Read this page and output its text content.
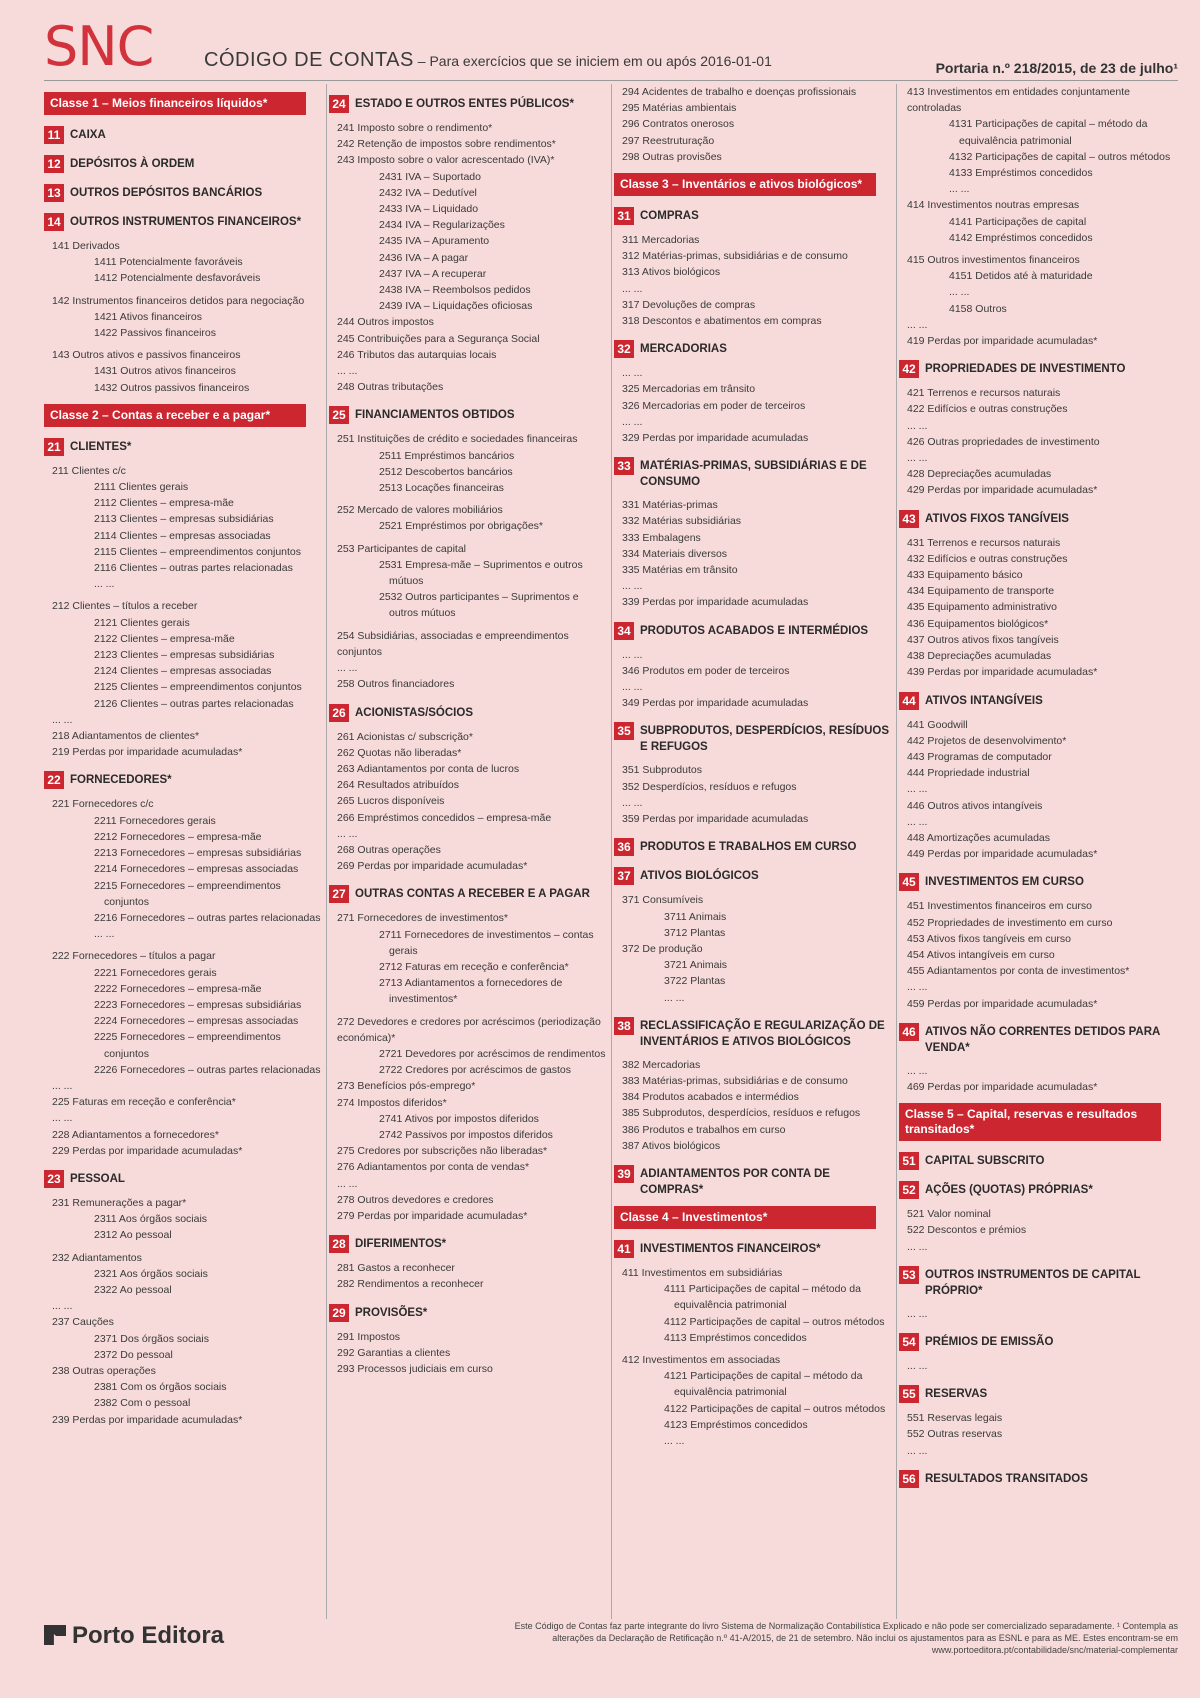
SNC	CÓDIGO DE CONTAS – Para exercícios que se iniciem em ou após 2016-01-01	Portaria n.º 218/2015, de 23 de julho¹
Classe 1 – Meios financeiros líquidos*
11 CAIXA
12 DEPÓSITOS À ORDEM
13 OUTROS DEPÓSITOS BANCÁRIOS
14 OUTROS INSTRUMENTOS FINANCEIROS*
141 Derivados
1411 Potencialmente favoráveis
1412 Potencialmente desfavoráveis
142 Instrumentos financeiros detidos para negociação
1421 Ativos financeiros
1422 Passivos financeiros
143 Outros ativos e passivos financeiros
1431 Outros ativos financeiros
1432 Outros passivos financeiros
Classe 2 – Contas a receber e a pagar*
21 CLIENTES*
211 Clientes c/c
2111 Clientes gerais
2112 Clientes – empresa-mãe
2113 Clientes – empresas subsidiárias
2114 Clientes – empresas associadas
2115 Clientes – empreendimentos conjuntos
2116 Clientes – outras partes relacionadas
... ...
212 Clientes – títulos a receber
2121 Clientes gerais
2122 Clientes – empresa-mãe
2123 Clientes – empresas subsidiárias
2124 Clientes – empresas associadas
2125 Clientes – empreendimentos conjuntos
2126 Clientes – outras partes relacionadas
... ...
218 Adiantamentos de clientes*
219 Perdas por imparidade acumuladas*
22 FORNECEDORES*
221 Fornecedores c/c
2211 Fornecedores gerais
2212 Fornecedores – empresa-mãe
2213 Fornecedores – empresas subsidiárias
2214 Fornecedores – empresas associadas
2215 Fornecedores – empreendimentos conjuntos
2216 Fornecedores – outras partes relacionadas
... ...
222 Fornecedores – títulos a pagar
2221 Fornecedores gerais
2222 Fornecedores – empresa-mãe
2223 Fornecedores – empresas subsidiárias
2224 Fornecedores – empresas associadas
2225 Fornecedores – empreendimentos conjuntos
2226 Fornecedores – outras partes relacionadas
... ...
225 Faturas em receção e conferência*
... ...
228 Adiantamentos a fornecedores*
229 Perdas por imparidade acumuladas*
23 PESSOAL
231 Remunerações a pagar*
2311 Aos órgãos sociais
2312 Ao pessoal
232 Adiantamentos
2321 Aos órgãos sociais
2322 Ao pessoal
... ...
237 Cauções
2371 Dos órgãos sociais
2372 Do pessoal
238 Outras operações
2381 Com os órgãos sociais
2382 Com o pessoal
239 Perdas por imparidade acumuladas*
24 ESTADO E OUTROS ENTES PÚBLICOS*
241 Imposto sobre o rendimento*
242 Retenção de impostos sobre rendimentos*
243 Imposto sobre o valor acrescentado (IVA)*
2431 IVA – Suportado
2432 IVA – Dedutível
2433 IVA – Liquidado
2434 IVA – Regularizações
2435 IVA – Apuramento
2436 IVA – A pagar
2437 IVA – A recuperar
2438 IVA – Reembolsos pedidos
2439 IVA – Liquidações oficiosas
244 Outros impostos
245 Contribuições para a Segurança Social
246 Tributos das autarquias locais
... ...
248 Outras tributações
25 FINANCIAMENTOS OBTIDOS
251 Instituições de crédito e sociedades financeiras
2511 Empréstimos bancários
2512 Descobertos bancários
2513 Locações financeiras
252 Mercado de valores mobiliários
2521 Empréstimos por obrigações*
253 Participantes de capital
2531 Empresa-mãe – Suprimentos e outros mútuos
2532 Outros participantes – Suprimentos e outros mútuos
254 Subsidiárias, associadas e empreendimentos conjuntos
... ...
258 Outros financiadores
26 ACIONISTAS/SÓCIOS
261 Acionistas c/ subscrição*
262 Quotas não liberadas*
263 Adiantamentos por conta de lucros
264 Resultados atribuídos
265 Lucros disponíveis
266 Empréstimos concedidos – empresa-mãe
... ...
268 Outras operações
269 Perdas por imparidade acumuladas*
27 OUTRAS CONTAS A RECEBER E A PAGAR
271 Fornecedores de investimentos*
2711 Fornecedores de investimentos – contas gerais
2712 Faturas em receção e conferência*
2713 Adiantamentos a fornecedores de investimentos*
272 Devedores e credores por acréscimos (periodização económica)*
2721 Devedores por acréscimos de rendimentos
2722 Credores por acréscimos de gastos
273 Benefícios pós-emprego*
274 Impostos diferidos*
2741 Ativos por impostos diferidos
2742 Passivos por impostos diferidos
275 Credores por subscrições não liberadas*
276 Adiantamentos por conta de vendas*
... ...
278 Outros devedores e credores
279 Perdas por imparidade acumuladas*
28 DIFERIMENTOS*
281 Gastos a reconhecer
282 Rendimentos a reconhecer
29 PROVISÕES*
291 Impostos
292 Garantias a clientes
293 Processos judiciais em curso
294 Acidentes de trabalho e doenças profissionais
295 Matérias ambientais
296 Contratos onerosos
297 Reestruturação
298 Outras provisões
Classe 3 – Inventários e ativos biológicos*
31 COMPRAS
311 Mercadorias
312 Matérias-primas, subsidiárias e de consumo
313 Ativos biológicos
... ...
317 Devoluções de compras
318 Descontos e abatimentos em compras
32 MERCADORIAS
... ...
325 Mercadorias em trânsito
326 Mercadorias em poder de terceiros
... ...
329 Perdas por imparidade acumuladas
33 MATÉRIAS-PRIMAS, SUBSIDIÁRIAS E DE CONSUMO
331 Matérias-primas
332 Matérias subsidiárias
333 Embalagens
334 Materiais diversos
335 Matérias em trânsito
... ...
339 Perdas por imparidade acumuladas
34 PRODUTOS ACABADOS E INTERMÉDIOS
... ...
346 Produtos em poder de terceiros
... ...
349 Perdas por imparidade acumuladas
35 SUBPRODUTOS, DESPERDÍCIOS, RESÍDUOS E REFUGOS
351 Subprodutos
352 Desperdícios, resíduos e refugos
... ...
359 Perdas por imparidade acumuladas
36 PRODUTOS E TRABALHOS EM CURSO
37 ATIVOS BIOLÓGICOS
371 Consumíveis
3711 Animais
3712 Plantas
372 De produção
3721 Animais
3722 Plantas
... ...
38 RECLASSIFICAÇÃO E REGULARIZAÇÃO DE INVENTÁRIOS E ATIVOS BIOLÓGICOS
382 Mercadorias
383 Matérias-primas, subsidiárias e de consumo
384 Produtos acabados e intermédios
385 Subprodutos, desperdícios, resíduos e refugos
386 Produtos e trabalhos em curso
387 Ativos biológicos
39 ADIANTAMENTOS POR CONTA DE COMPRAS*
Classe 4 – Investimentos*
41 INVESTIMENTOS FINANCEIROS*
411 Investimentos em subsidiárias
4111 Participações de capital – método da equivalência patrimonial
4112 Participações de capital – outros métodos
4113 Empréstimos concedidos
412 Investimentos em associadas
4121 Participações de capital – método da equivalência patrimonial
4122 Participações de capital – outros métodos
4123 Empréstimos concedidos
... ...
413 Investimentos em entidades conjuntamente controladas
4131 Participações de capital – método da equivalência patrimonial
4132 Participações de capital – outros métodos
4133 Empréstimos concedidos
... ...
414 Investimentos noutras empresas
4141 Participações de capital
4142 Empréstimos concedidos
415 Outros investimentos financeiros
4151 Detidos até à maturidade
... ...
4158 Outros
... ...
419 Perdas por imparidade acumuladas*
42 PROPRIEDADES DE INVESTIMENTO
421 Terrenos e recursos naturais
422 Edifícios e outras construções
... ...
426 Outras propriedades de investimento
... ...
428 Depreciações acumuladas
429 Perdas por imparidade acumuladas*
43 ATIVOS FIXOS TANGÍVEIS
431 Terrenos e recursos naturais
432 Edifícios e outras construções
433 Equipamento básico
434 Equipamento de transporte
435 Equipamento administrativo
436 Equipamentos biológicos*
437 Outros ativos fixos tangíveis
438 Depreciações acumuladas
439 Perdas por imparidade acumuladas*
44 ATIVOS INTANGÍVEIS
441 Goodwill
442 Projetos de desenvolvimento*
443 Programas de computador
444 Propriedade industrial
... ...
446 Outros ativos intangíveis
... ...
448 Amortizações acumuladas
449 Perdas por imparidade acumuladas*
45 INVESTIMENTOS EM CURSO
451 Investimentos financeiros em curso
452 Propriedades de investimento em curso
453 Ativos fixos tangíveis em curso
454 Ativos intangíveis em curso
455 Adiantamentos por conta de investimentos*
... ...
459 Perdas por imparidade acumuladas*
46 ATIVOS NÃO CORRENTES DETIDOS PARA VENDA*
... ...
469 Perdas por imparidade acumuladas*
Classe 5 – Capital, reservas e resultados transitados*
51 CAPITAL SUBSCRITO
52 AÇÕES (QUOTAS) PRÓPRIAS*
521 Valor nominal
522 Descontos e prémios
... ...
53 OUTROS INSTRUMENTOS DE CAPITAL PRÓPRIO*
... ...
54 PRÉMIOS DE EMISSÃO
... ...
55 RESERVAS
551 Reservas legais
552 Outras reservas
... ...
56 RESULTADOS TRANSITADOS
Porto Editora	Este Código de Contas faz parte integrante do livro Sistema de Normalização Contabilística Explicado e não pode ser comercializado separadamente. ¹ Contempla as alterações da Declaração de Retificação n.º 41-A/2015, de 21 de setembro. Não inclui os ajustamentos para as ESNL e para as ME. Estes encontram-se em www.portoeditora.pt/contabilidade/snc/material-complementar
